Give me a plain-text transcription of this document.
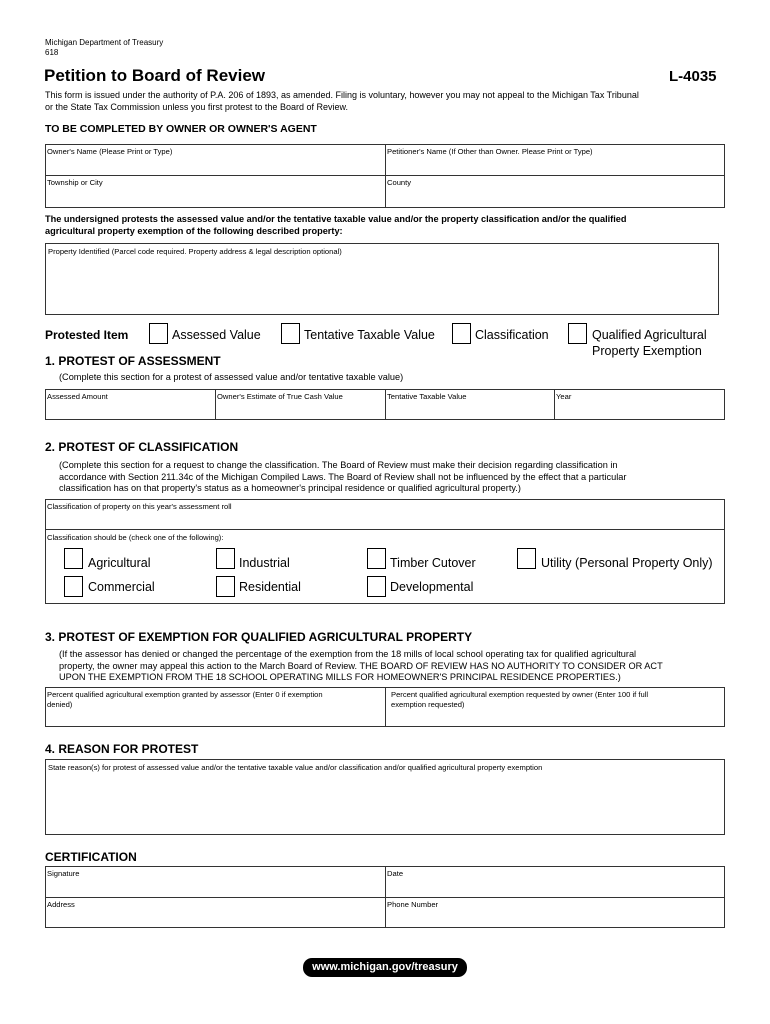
Michigan Department of Treasury
618
Petition to Board of Review	L-4035
This form is issued under the authority of P.A. 206 of 1893, as amended. Filing is voluntary, however you may not appeal to the Michigan Tax Tribunal
or the State Tax Commission unless you first protest to the Board of Review.
TO BE COMPLETED BY OWNER OR OWNER'S AGENT
Owner's Name (Please Print or Type)	Petitioner's Name (If Other than Owner. Please Print or Type)
Township or City	County
The undersigned protests the assessed value and/or the tentative taxable value and/or the property classification and/or the qualified
agricultural property exemption of the following described property:
Property Identified (Parcel code required. Property address & legal description optional)
Protested Item	Assessed Value	Tentative Taxable Value	Classification	Qualified Agricultural
Property Exemption
1. PROTEST OF ASSESSMENT
(Complete this section for a protest of assessed value and/or tentative taxable value)
Assessed Amount	Owner's Estimate of True Cash Value	Tentative Taxable Value	Year
2. PROTEST OF CLASSIFICATION
(Complete this section for a request to change the classification. The Board of Review must make their decision regarding classification in
accordance with Section 211.34c of the Michigan Compiled Laws. The Board of Review shall not be influenced by the effect that a particular
classification has on that property's status as a homeowner's principal residence or qualified agricultural property.)
Classification of property on this year's assessment roll
Classification should be (check one of the following):
Agricultural	Industrial	Timber Cutover	Utility (Personal Property Only)
Commercial	Residential	Developmental
3. PROTEST OF EXEMPTION FOR QUALIFIED AGRICULTURAL PROPERTY
(If the assessor has denied or changed the percentage of the exemption from the 18 mills of local school operating tax for qualified agricultural
property, the owner may appeal this action to the March Board of Review. THE BOARD OF REVIEW HAS NO AUTHORITY TO CONSIDER OR ACT
UPON THE EXEMPTION FROM THE 18 SCHOOL OPERATING MILLS FOR HOMEOWNER'S PRINCIPAL RESIDENCE PROPERTIES.)
Percent qualified agricultural exemption granted by assessor (Enter 0 if exemption
denied)
Percent qualified agricultural exemption requested by owner (Enter 100 if full
exemption requested)
4. REASON FOR PROTEST
State reason(s) for protest of assessed value and/or the tentative taxable value and/or classification and/or qualified agricultural property exemption
CERTIFICATION
Signature	Date
Address	Phone Number
www.michigan.gov/treasury
